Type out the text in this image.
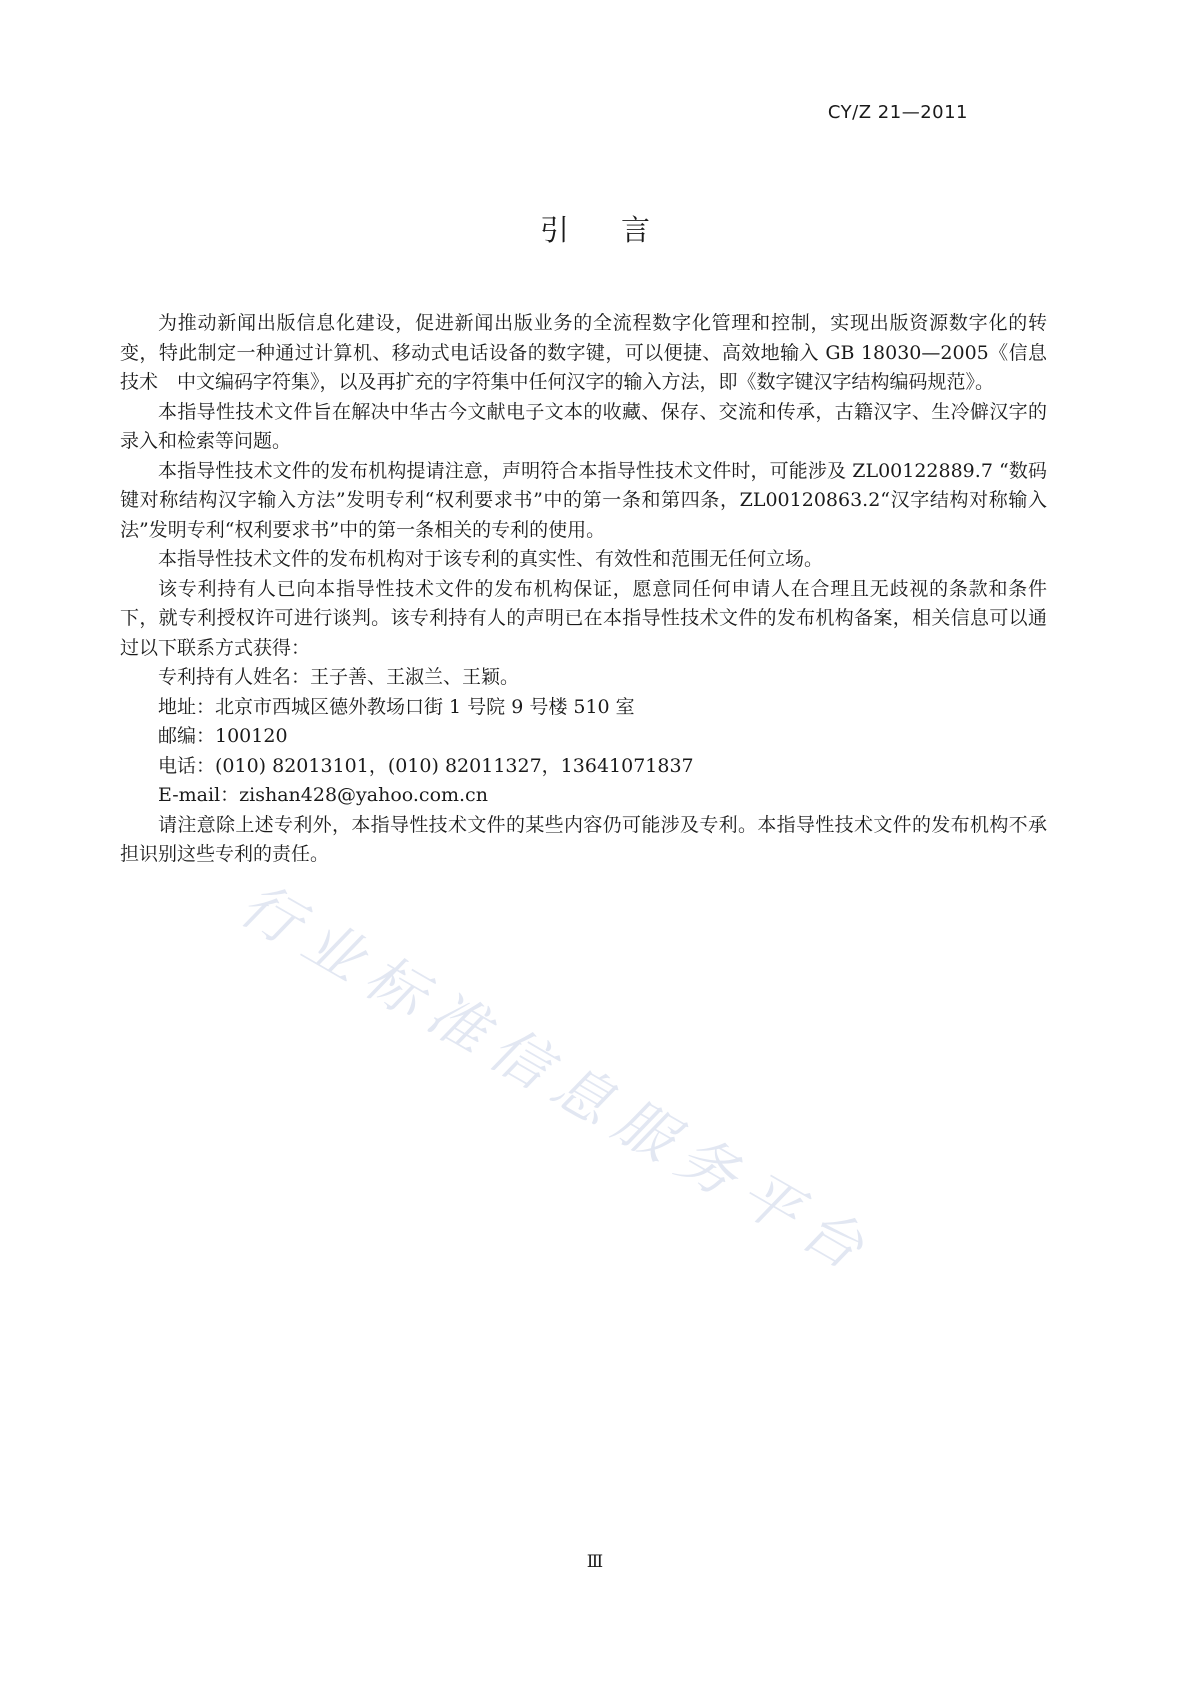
CY/Z 21—2011
引言

为推动新闻出版信息化建设，促进新闻出版业务的全流程数字化管理和控制，实现出版资源数字化的转变，特此制定一种通过计算机、移动式电话设备的数字键，可以便捷、高效地输入 GB 18030—2005《信息技术　中文编码字符集》，以及再扩充的字符集中任何汉字的输入方法，即《数字键汉字结构编码规范》。

本指导性技术文件旨在解决中华古今文献电子文本的收藏、保存、交流和传承，古籍汉字、生冷僻汉字的录入和检索等问题。

本指导性技术文件的发布机构提请注意，声明符合本指导性技术文件时，可能涉及 ZL00122889.7 “数码键对称结构汉字输入方法”发明专利“权利要求书”中的第一条和第四条，ZL00120863.2“汉字结构对称输入法”发明专利“权利要求书”中的第一条相关的专利的使用。

本指导性技术文件的发布机构对于该专利的真实性、有效性和范围无任何立场。

该专利持有人已向本指导性技术文件的发布机构保证，愿意同任何申请人在合理且无歧视的条款和条件下，就专利授权许可进行谈判。该专利持有人的声明已在本指导性技术文件的发布机构备案，相关信息可以通过以下联系方式获得：

专利持有人姓名：王子善、王淑兰、王颖。

地址：北京市西城区德外教场口街 1 号院 9 号楼 510 室

邮编：100120

电话：(010) 82013101，(010) 82011327，13641071837

E-mail：zishan428@yahoo.com.cn

请注意除上述专利外，本指导性技术文件的某些内容仍可能涉及专利。本指导性技术文件的发布机构不承担识别这些专利的责任。

行业标准信息服务平台
Ⅲ
